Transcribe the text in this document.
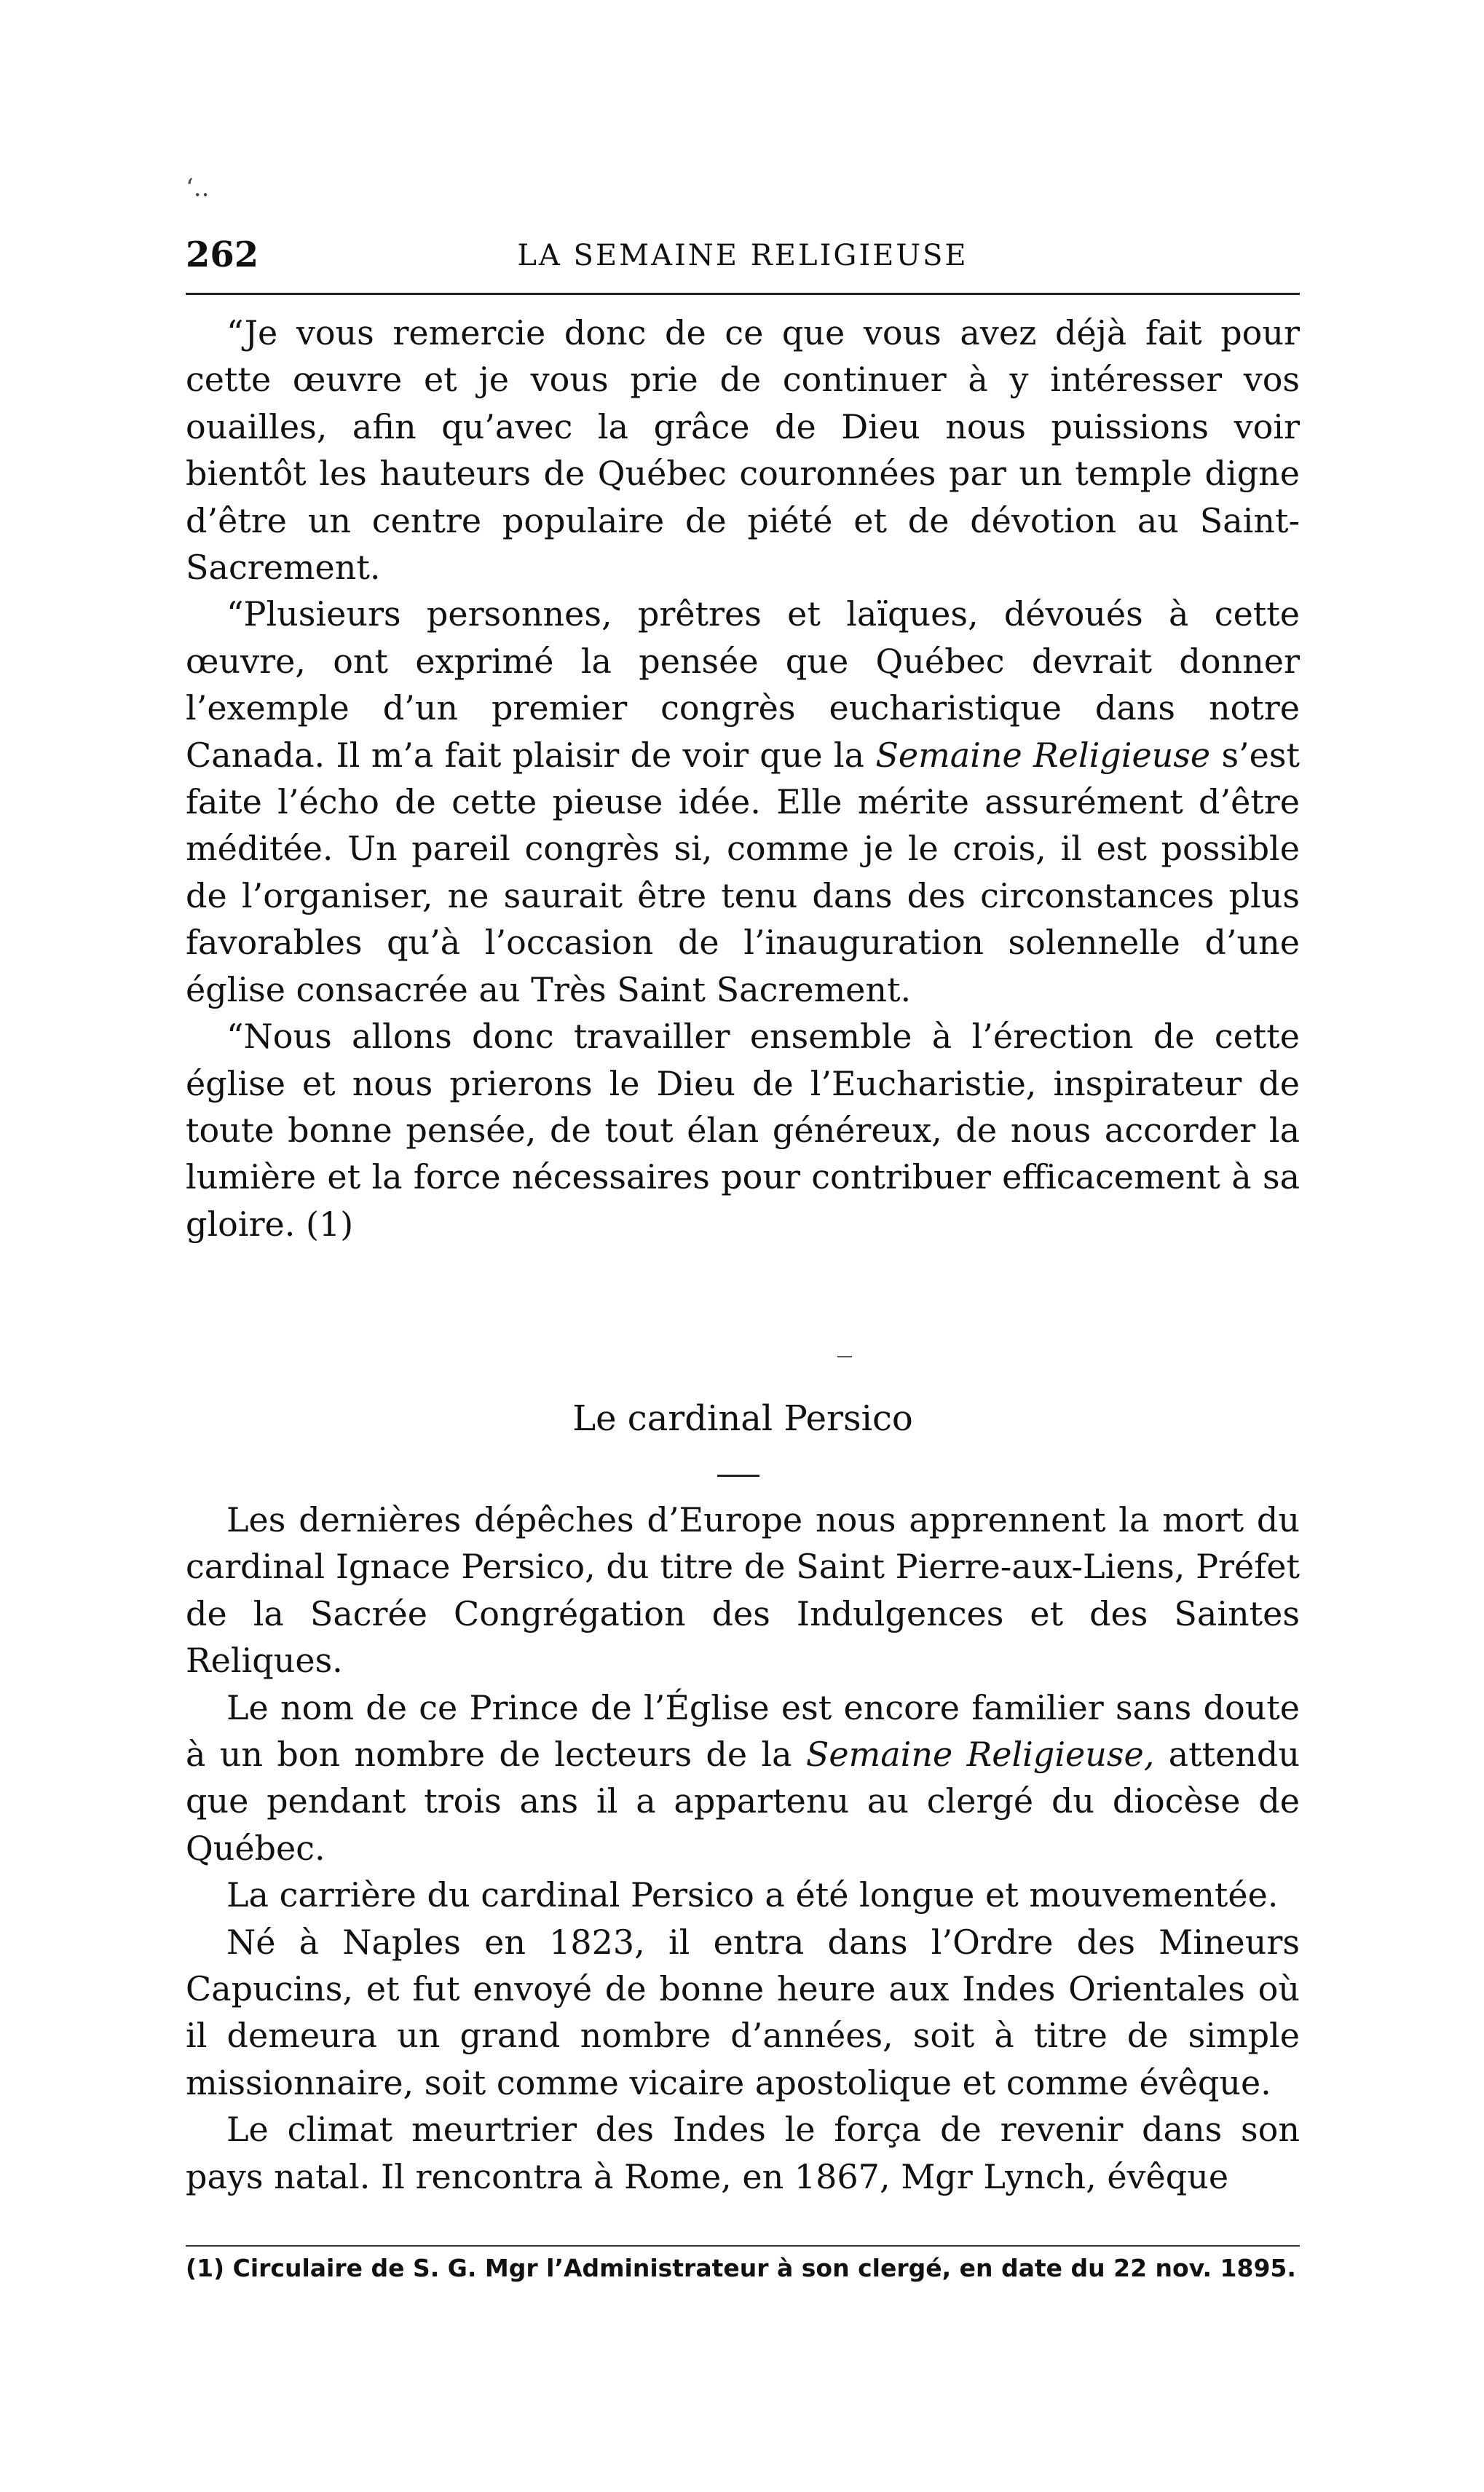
‘..
262	LA SEMAINE RELIGIEUSE

“Je vous remercie donc de ce que vous avez déjà fait pour cette œuvre et je vous prie de continuer à y intéresser vos ouailles, afin qu’avec la grâce de Dieu nous puissions voir bientôt les hauteurs de Québec couronnées par un temple digne d’être un centre populaire de piété et de dévotion au Saint-Sacrement.

“Plusieurs personnes, prêtres et laïques, dévoués à cette œuvre, ont exprimé la pensée que Québec devrait donner l’exemple d’un premier congrès eucharistique dans notre Canada. Il m’a fait plaisir de voir que la Semaine Religieuse s’est faite l’écho de cette pieuse idée. Elle mérite assurément d’être méditée. Un pareil congrès si, comme je le crois, il est possible de l’organiser, ne saurait être tenu dans des circonstances plus favorables qu’à l’occasion de l’inauguration solennelle d’une église consacrée au Très Saint Sacrement.

“Nous allons donc travailler ensemble à l’érection de cette église et nous prierons le Dieu de l’Eucharistie, inspirateur de toute bonne pensée, de tout élan généreux, de nous accorder la lumière et la force nécessaires pour contribuer efficacement à sa gloire. (1)

Le cardinal Persico

Les dernières dépêches d’Europe nous apprennent la mort du cardinal Ignace Persico, du titre de Saint Pierre-aux-Liens, Préfet de la Sacrée Congrégation des Indulgences et des Saintes Reliques.

Le nom de ce Prince de l’Église est encore familier sans doute à un bon nombre de lecteurs de la Semaine Religieuse, attendu que pendant trois ans il a appartenu au clergé du diocèse de Québec.

La carrière du cardinal Persico a été longue et mouvementée.

Né à Naples en 1823, il entra dans l’Ordre des Mineurs Capucins, et fut envoyé de bonne heure aux Indes Orientales où il demeura un grand nombre d’années, soit à titre de simple missionnaire, soit comme vicaire apostolique et comme évêque.

Le climat meurtrier des Indes le força de revenir dans son pays natal. Il rencontra à Rome, en 1867, Mgr Lynch, évêque

(1) Circulaire de S. G. Mgr l’Administrateur à son clergé, en date du 22 nov. 1895.
